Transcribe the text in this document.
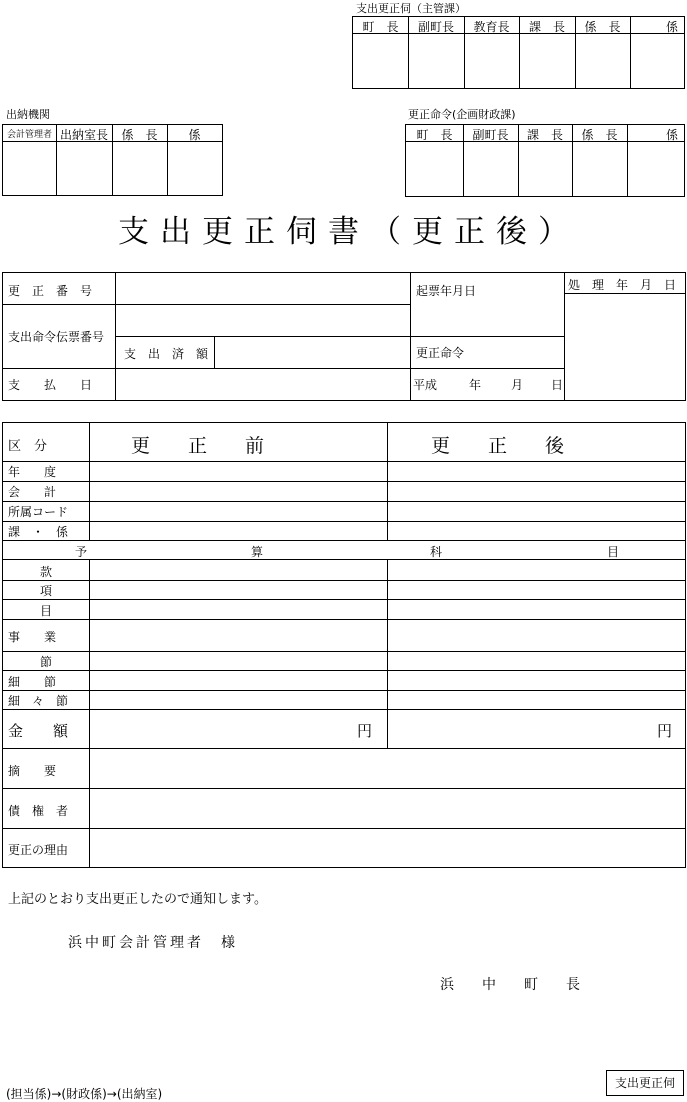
支出更正伺（主管課）
町　長	副町長	教育長	課　長	係　長	係
出納機関
会計管理者 出納室長	係　長	係
更正命令(企画財政課)
町　長	副町長	課　長	係　長	係
支出更正伺書（更正後）
更　正　番　号
支出命令伝票番号
支　出　済　額
支　　払　　日
起票年月日	処　理　年　月　日
更正命令
平成	年 月 日
区　分	更　　正　　前	更　　正　　後
年　　度
会　　計
所属コード
課　・　係
予	算	科	目
款
項
目
事　　業
節
細　　節
細　々　節
金　　額	円	円
摘　　要
債　権　者
更正の理由
上記のとおり支出更正したので通知します。
浜中町会計管理者　様
浜　　中　　町　　長
(担当係)→(財政係)→(出納室)
支出更正伺
